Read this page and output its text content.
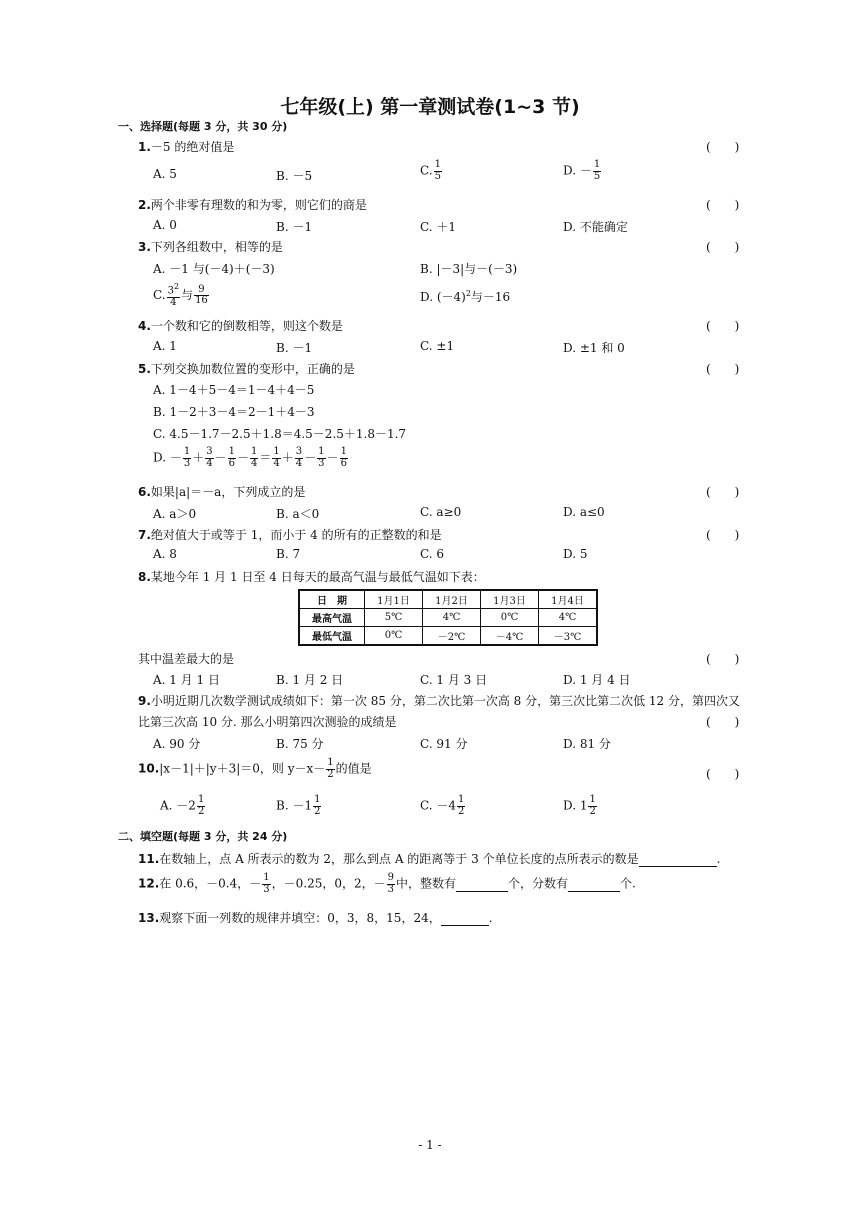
七年级(上) 第一章测试卷(1~3 节)
一、选择题(每题 3 分，共 30 分)
1.－5 的绝对值是	(　　)
A. 5	B. －5	C. $\frac{1}{5}$	D. － $\frac{1}{5}$
2.两个非零有理数的和为零，则它们的商是	(　　)
A. 0	B. －1	C. ＋1	D. 不能确定
3.下列各组数中，相等的是	(　　)
A. －1 与(－4)＋(－3)	B. |－3|与－(－3)
C. $\frac{3^2}{4}$ 与 $\frac{9}{16}$	D. $(-4)^2$与－16
4.一个数和它的倒数相等，则这个数是	(　　)
A. 1	B. －1	C. ±1	D. ±1 和 0
5.下列交换加数位置的变形中，正确的是	(　　)
A. 1－4＋5－4＝1－4＋4－5
B. 1－2＋3－4＝2－1＋4－3
C. 4.5－1.7－2.5＋1.8＝4.5－2.5＋1.8－1.7
D. － $\frac{1}{3} + \frac{3}{4} - \frac{1}{6} - \frac{1}{4} = \frac{1}{4} + \frac{3}{4} - \frac{1}{3} - \frac{1}{6}$
6.如果|a|＝－a，下列成立的是	(　　)
A. a＞0	B. a＜0	C. a≥0	D. a≤0
7.绝对值大于或等于 1，而小于 4 的所有的正整数的和是	(　　)
A. 8	B. 7	C. 6	D. 5
8.某地今年 1 月 1 日至 4 日每天的最高气温与最低气温如下表：
日　期	1月1日	1月2日	1月3日	1月4日
最高气温	5℃	4℃	0℃	4℃
最低气温	0℃	－2℃	－4℃	－3℃
其中温差最大的是	(　　)
A. 1 月 1 日	B. 1 月 2 日	C. 1 月 3 日	D. 1 月 4 日
9.小明近期几次数学测试成绩如下：第一次 85 分，第二次比第一次高 8 分，第三次比第二次低 12 分，第四次又
比第三次高 10 分. 那么小明第四次测验的成绩是	(　　)
A. 90 分	B. 75 分	C. 91 分	D. 81 分
10.|x－1|＋|y＋3|＝0，则 $y-x- \frac{1}{2}$ 的值是	(　　)
A. $-2 \frac{1}{2}$	B. $-1 \frac{1}{2}$	C. $-4 \frac{1}{2}$	D. $1 \frac{1}{2}$
二、填空题(每题 3 分，共 24 分)
11.在数轴上，点 A 所表示的数为 2，那么到点 A 的距离等于 3 个单位长度的点所表示的数是	.
12.在 0.6，－0.4，－ $\frac{1}{3}$ ，－0.25，0，2，－ $\frac{9}{3}$ 中，整数有	个，分数有	个.
13.观察下面一列数的规律并填空：0，3，8，15，24，	.
- 1 -
